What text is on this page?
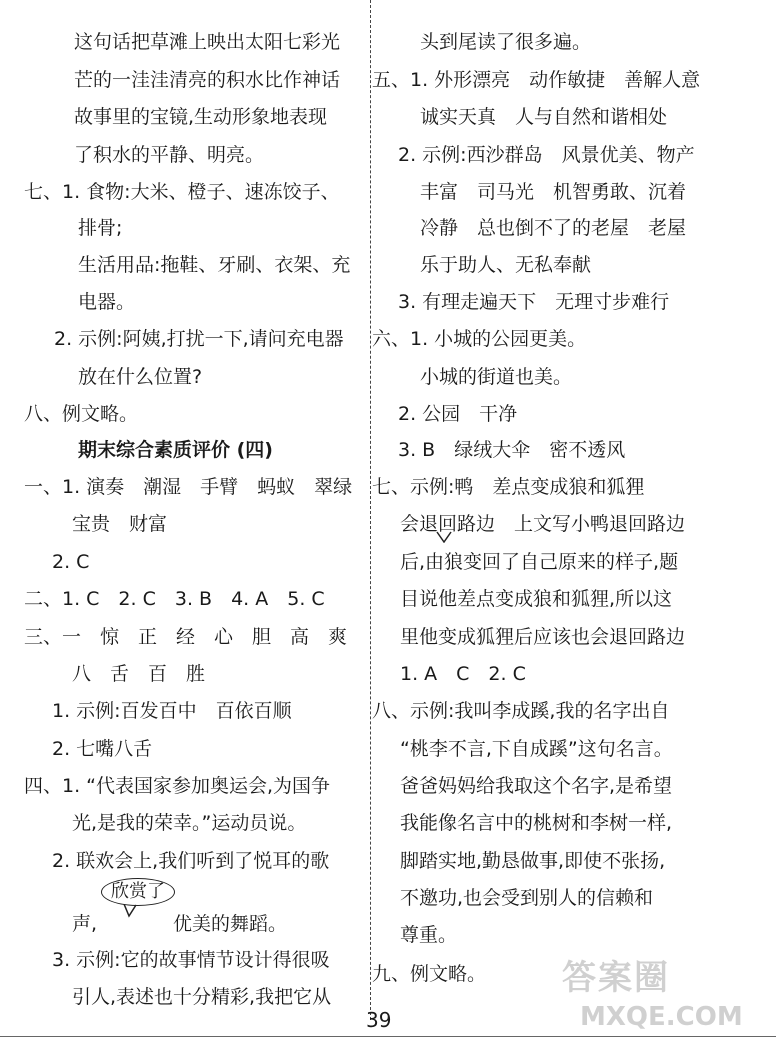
这句话把草滩上映出太阳七彩光
芒的一洼洼清亮的积水比作神话
故事里的宝镜,生动形象地表现
了积水的平静、明亮。
七、1. 食物:大米、橙子、速冻饺子、
排骨;
生活用品:拖鞋、牙刷、衣架、充
电器。
2. 示例:阿姨,打扰一下,请问充电器
放在什么位置?
八、例文略。
一、1. 演奏　潮湿　手臂　蚂蚁　翠绿
宝贵　财富
2. C
二、1. C　2. C　3. B　4. A　5. C
三、一　惊　正　经　心　胆　高　爽
八　舌　百　胜
1. 示例:百发百中　百依百顺
2. 七嘴八舌
四、1. “代表国家参加奥运会,为国争
光,是我的荣幸。”运动员说。
2. 联欢会上,我们听到了悦耳的歌
声,　　　　优美的舞蹈。
3. 示例:它的故事情节设计得很吸
引人,表述也十分精彩,我把它从
期末综合素质评价 (四)
欣赏了
头到尾读了很多遍。
五、1. 外形漂亮　动作敏捷　善解人意
诚实天真　人与自然和谐相处
2. 示例:西沙群岛　风景优美、物产
丰富　司马光　机智勇敢、沉着
冷静　总也倒不了的老屋　老屋
乐于助人、无私奉献
3. 有理走遍天下　无理寸步难行
六、1. 小城的公园更美。
小城的街道也美。
2. 公园　干净
3. B　绿绒大伞　密不透风
七、示例:鸭　差点变成狼和狐狸
会退回路边　上文写小鸭退回路边
后,由狼变回了自己原来的样子,题
目说他差点变成狼和狐狸,所以这
里他变成狐狸后应该也会退回路边
1. A　C　2. C
八、示例:我叫李成蹊,我的名字出自
“桃李不言,下自成蹊”这句名言。
爸爸妈妈给我取这个名字,是希望
我能像名言中的桃树和李树一样,
脚踏实地,勤恳做事,即使不张扬,
不邀功,也会受到别人的信赖和
尊重。
九、例文略。
39
答案圈
MXQE.COM
